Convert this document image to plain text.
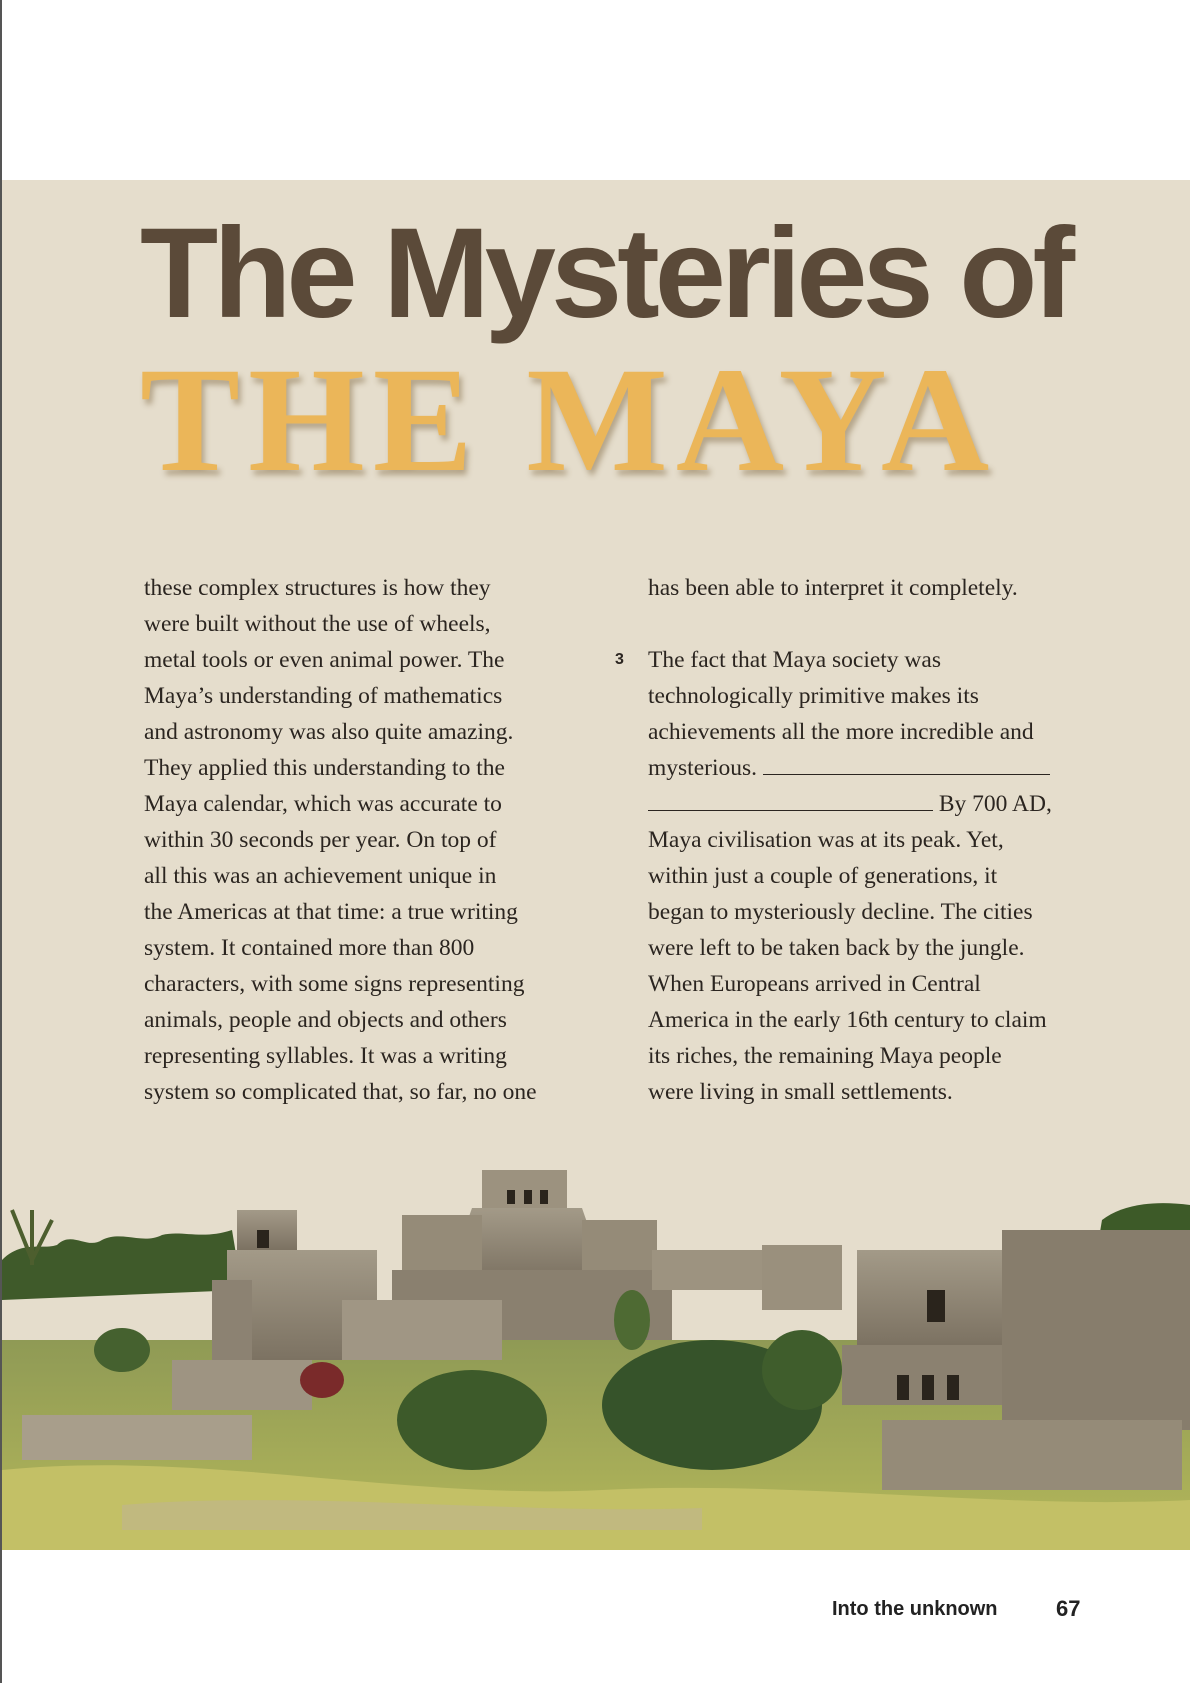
The Mysteries of
THE MAYA

these complex structures is how they

were built without the use of wheels,

metal tools or even animal power. The

Maya’s understanding of mathematics

and astronomy was also quite amazing.

They applied this understanding to the

Maya calendar, which was accurate to

within 30 seconds per year. On top of

all this was an achievement unique in

the Americas at that time: a true writing

system. It contained more than 800

characters, with some signs representing

animals, people and objects and others

representing syllables. It was a writing

system so complicated that, so far, no one

has been able to interpret it completely.

3 The fact that Maya society was

technologically primitive makes its

achievements all the more incredible and

mysterious.

By 700 AD,

Maya civilisation was at its peak. Yet,

within just a couple of generations, it

began to mysteriously decline. The cities

were left to be taken back by the jungle.

When Europeans arrived in Central

America in the early 16th century to claim

its riches, the remaining Maya people

were living in small settlements.

Into the unknown	67
